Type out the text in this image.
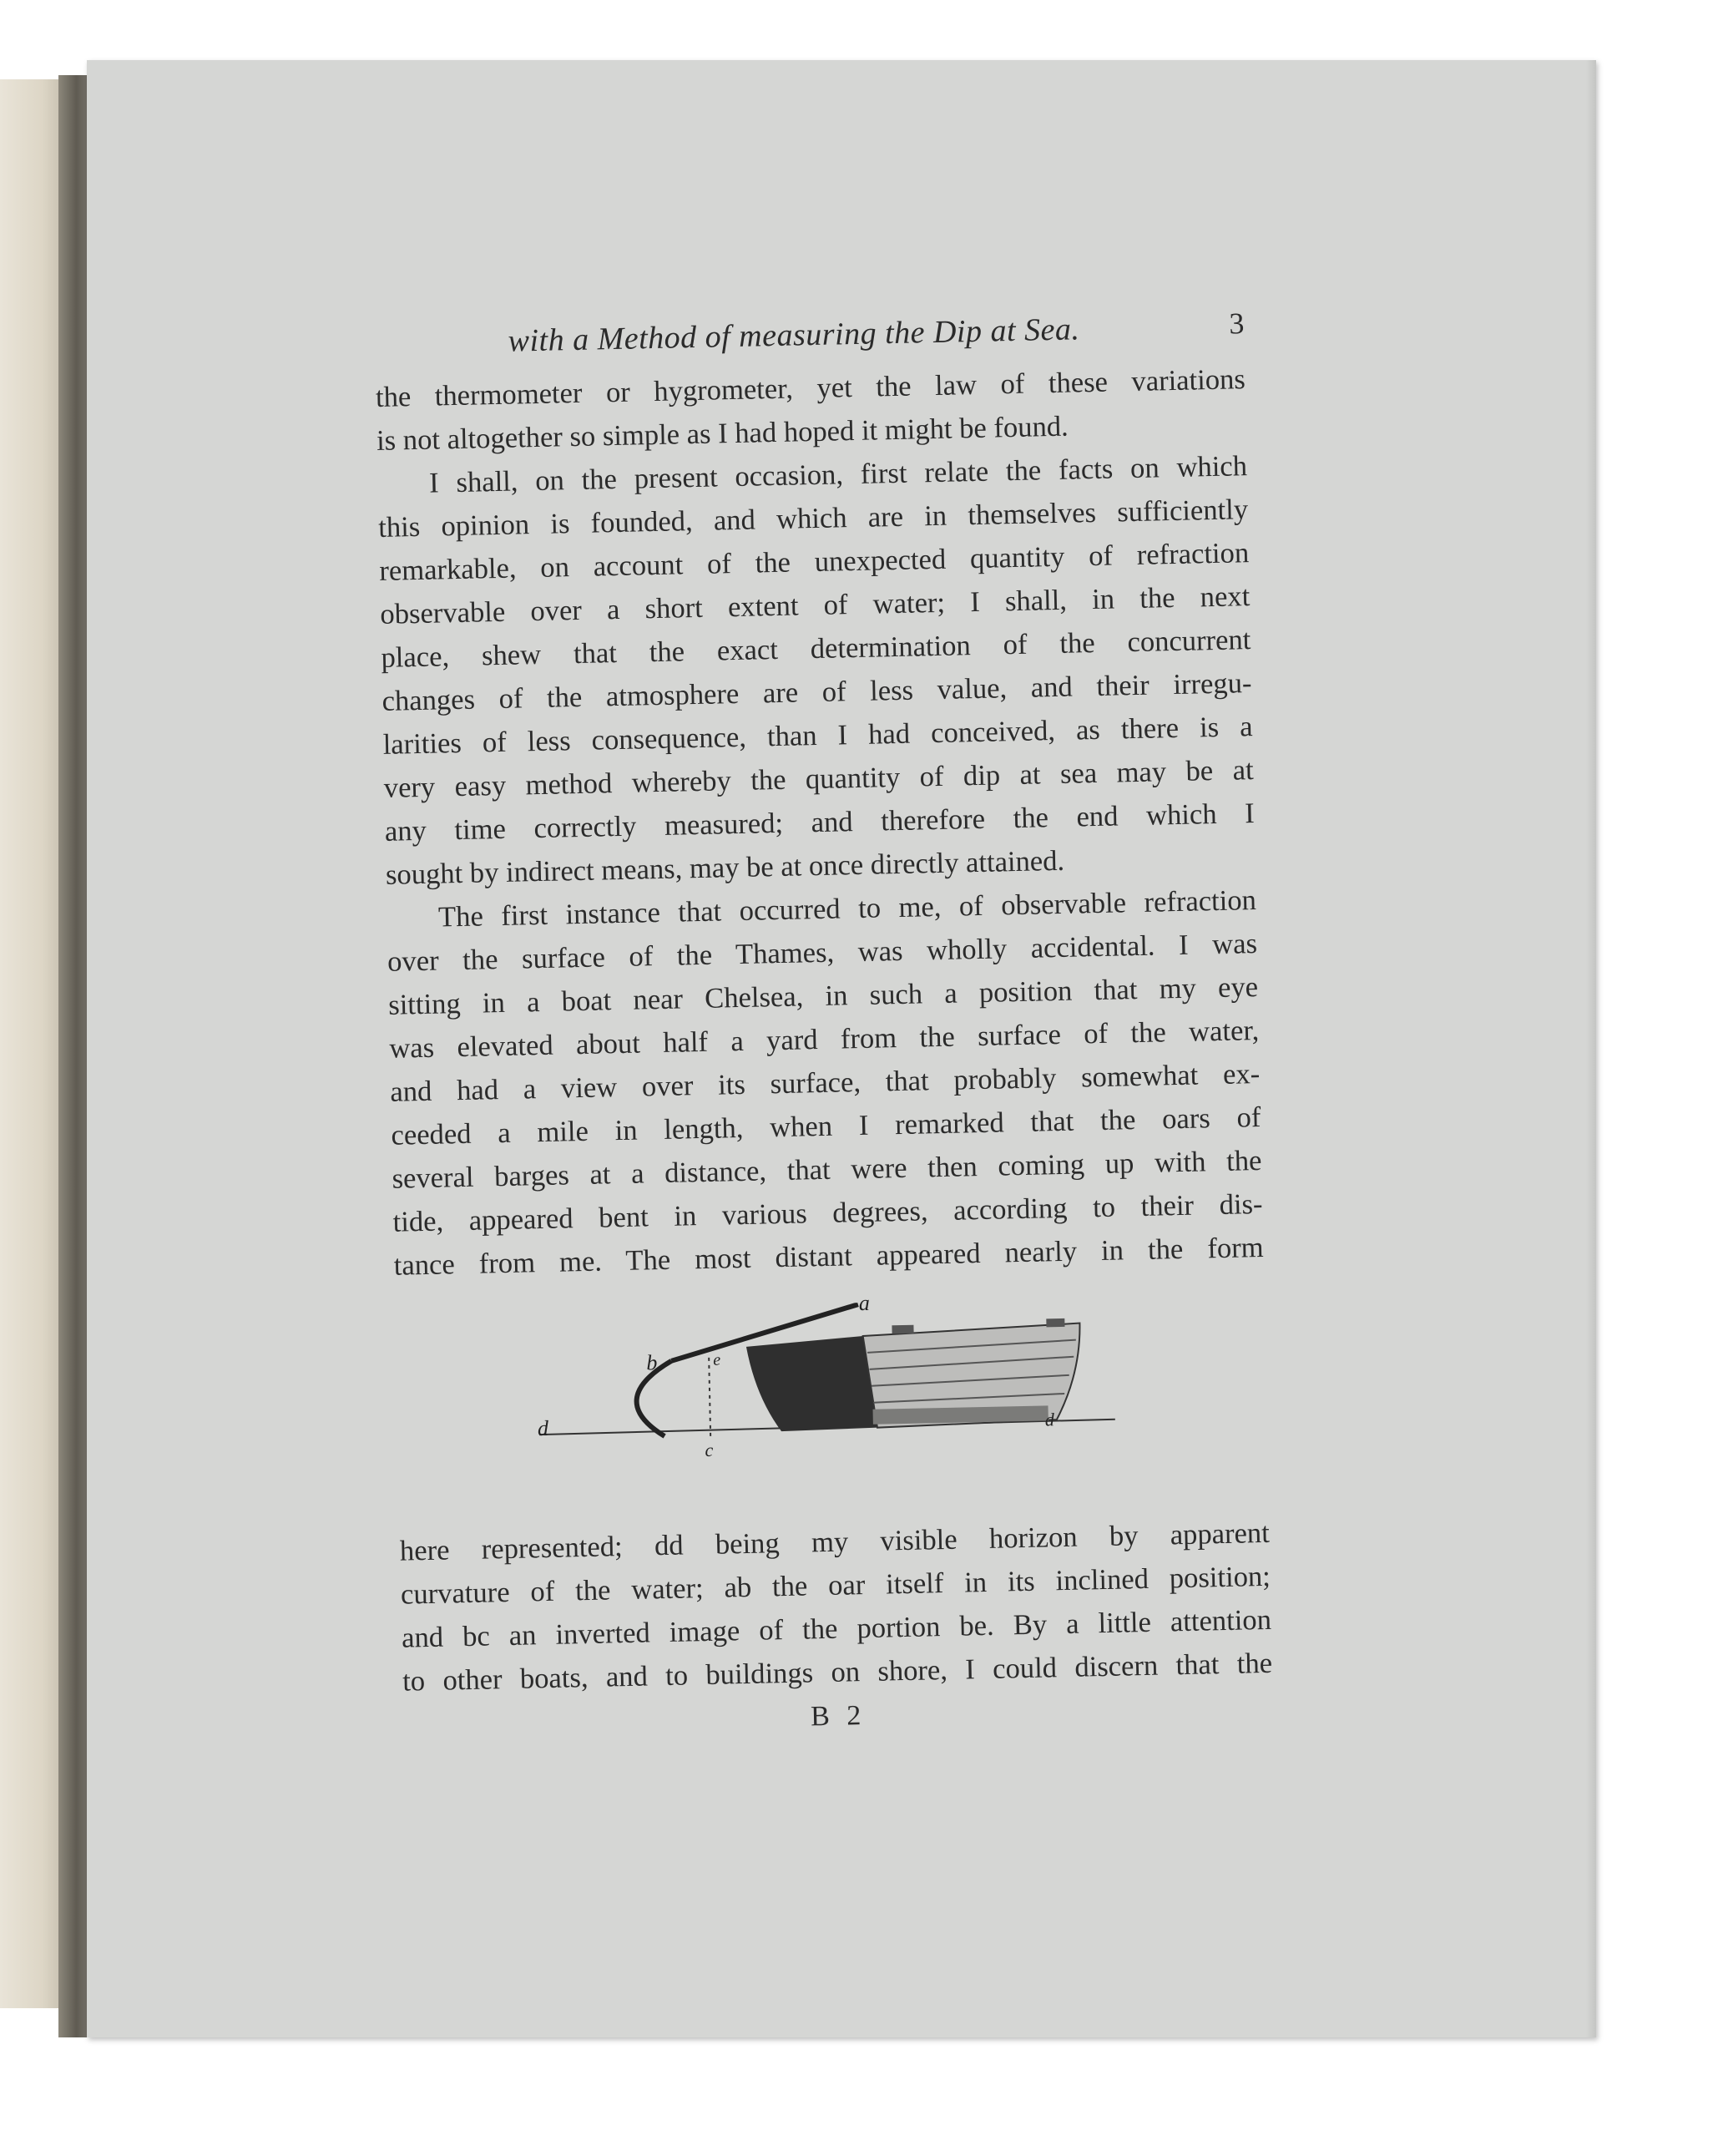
with a Method of measuring the Dip at Sea.	3

the thermometer or hygrometer, yet the law of these variations
is not altogether so simple as I had hoped it might be found.

I shall, on the present occasion, first relate the facts on which
this opinion is founded, and which are in themselves sufficiently
remarkable, on account of the unexpected quantity of refraction
observable over a short extent of water; I shall, in the next
place, shew that the exact determination of the concurrent
changes of the atmosphere are of less value, and their irregu-
larities of less consequence, than I had conceived, as there is a
very easy method whereby the quantity of dip at sea may be at
any time correctly measured; and therefore the end which I
sought by indirect means, may be at once directly attained.

The first instance that occurred to me, of observable refraction
over the surface of the Thames, was wholly accidental. I was
sitting in a boat near Chelsea, in such a position that my eye
was elevated about half a yard from the surface of the water,
and had a view over its surface, that probably somewhat ex-
ceeded a mile in length, when I remarked that the oars of
several barges at a distance, that were then coming up with the
tide, appeared bent in various degrees, according to their dis-
tance from me. The most distant appeared nearly in the form

a
b
c
d	d
e

here represented; dd being my visible horizon by apparent
curvature of the water; ab the oar itself in its inclined position;
and bc an inverted image of the portion be. By a little attention
to other boats, and to buildings on shore, I could discern that the

B 2
